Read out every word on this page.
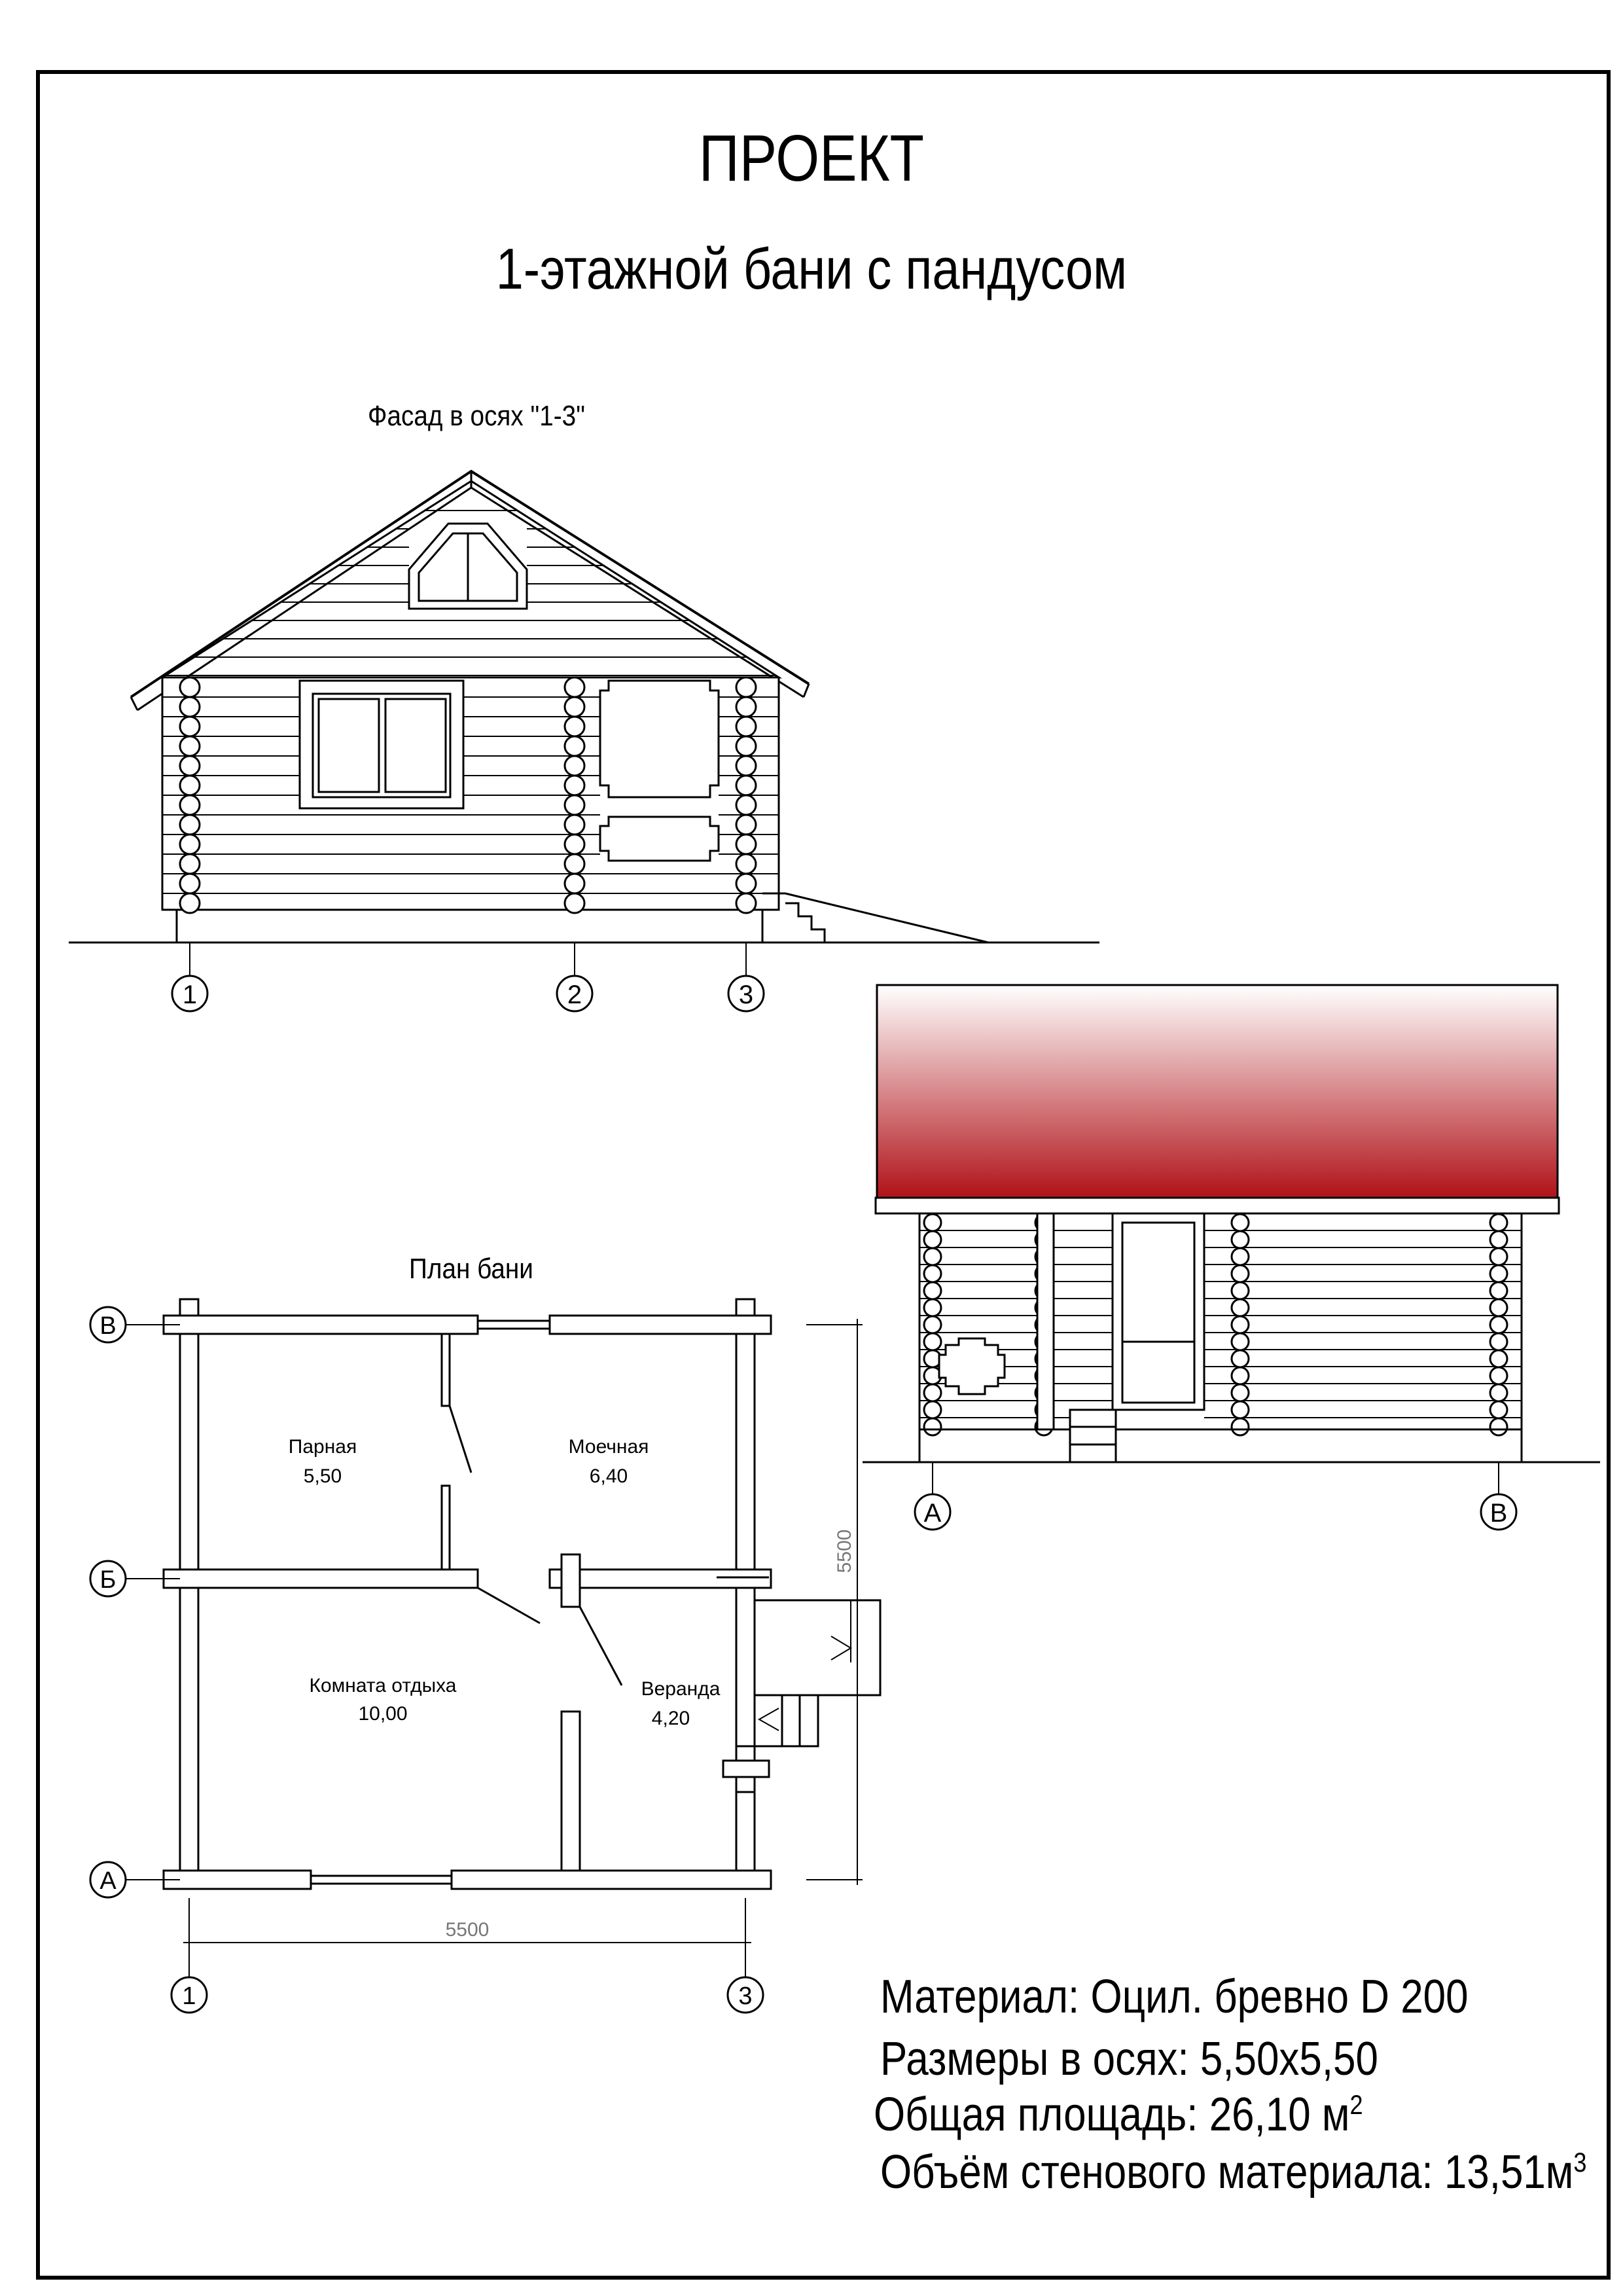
Фасад в осях "1-3"
1	2	3
А	В
План бани
В
Б
А
1	3
5500
5500
Парная
5,50
Моечная
6,40
Комната отдыха
10,00
Веранда
4,20
ПРОЕКТ
1-этажной бани с пандусом
Материал: Оцил. бревно D 200
Размеры в осях: 5,50х5,50
Общая площадь: 26,10 $м^2$
Объём стенового материала: $13,51м^3$
